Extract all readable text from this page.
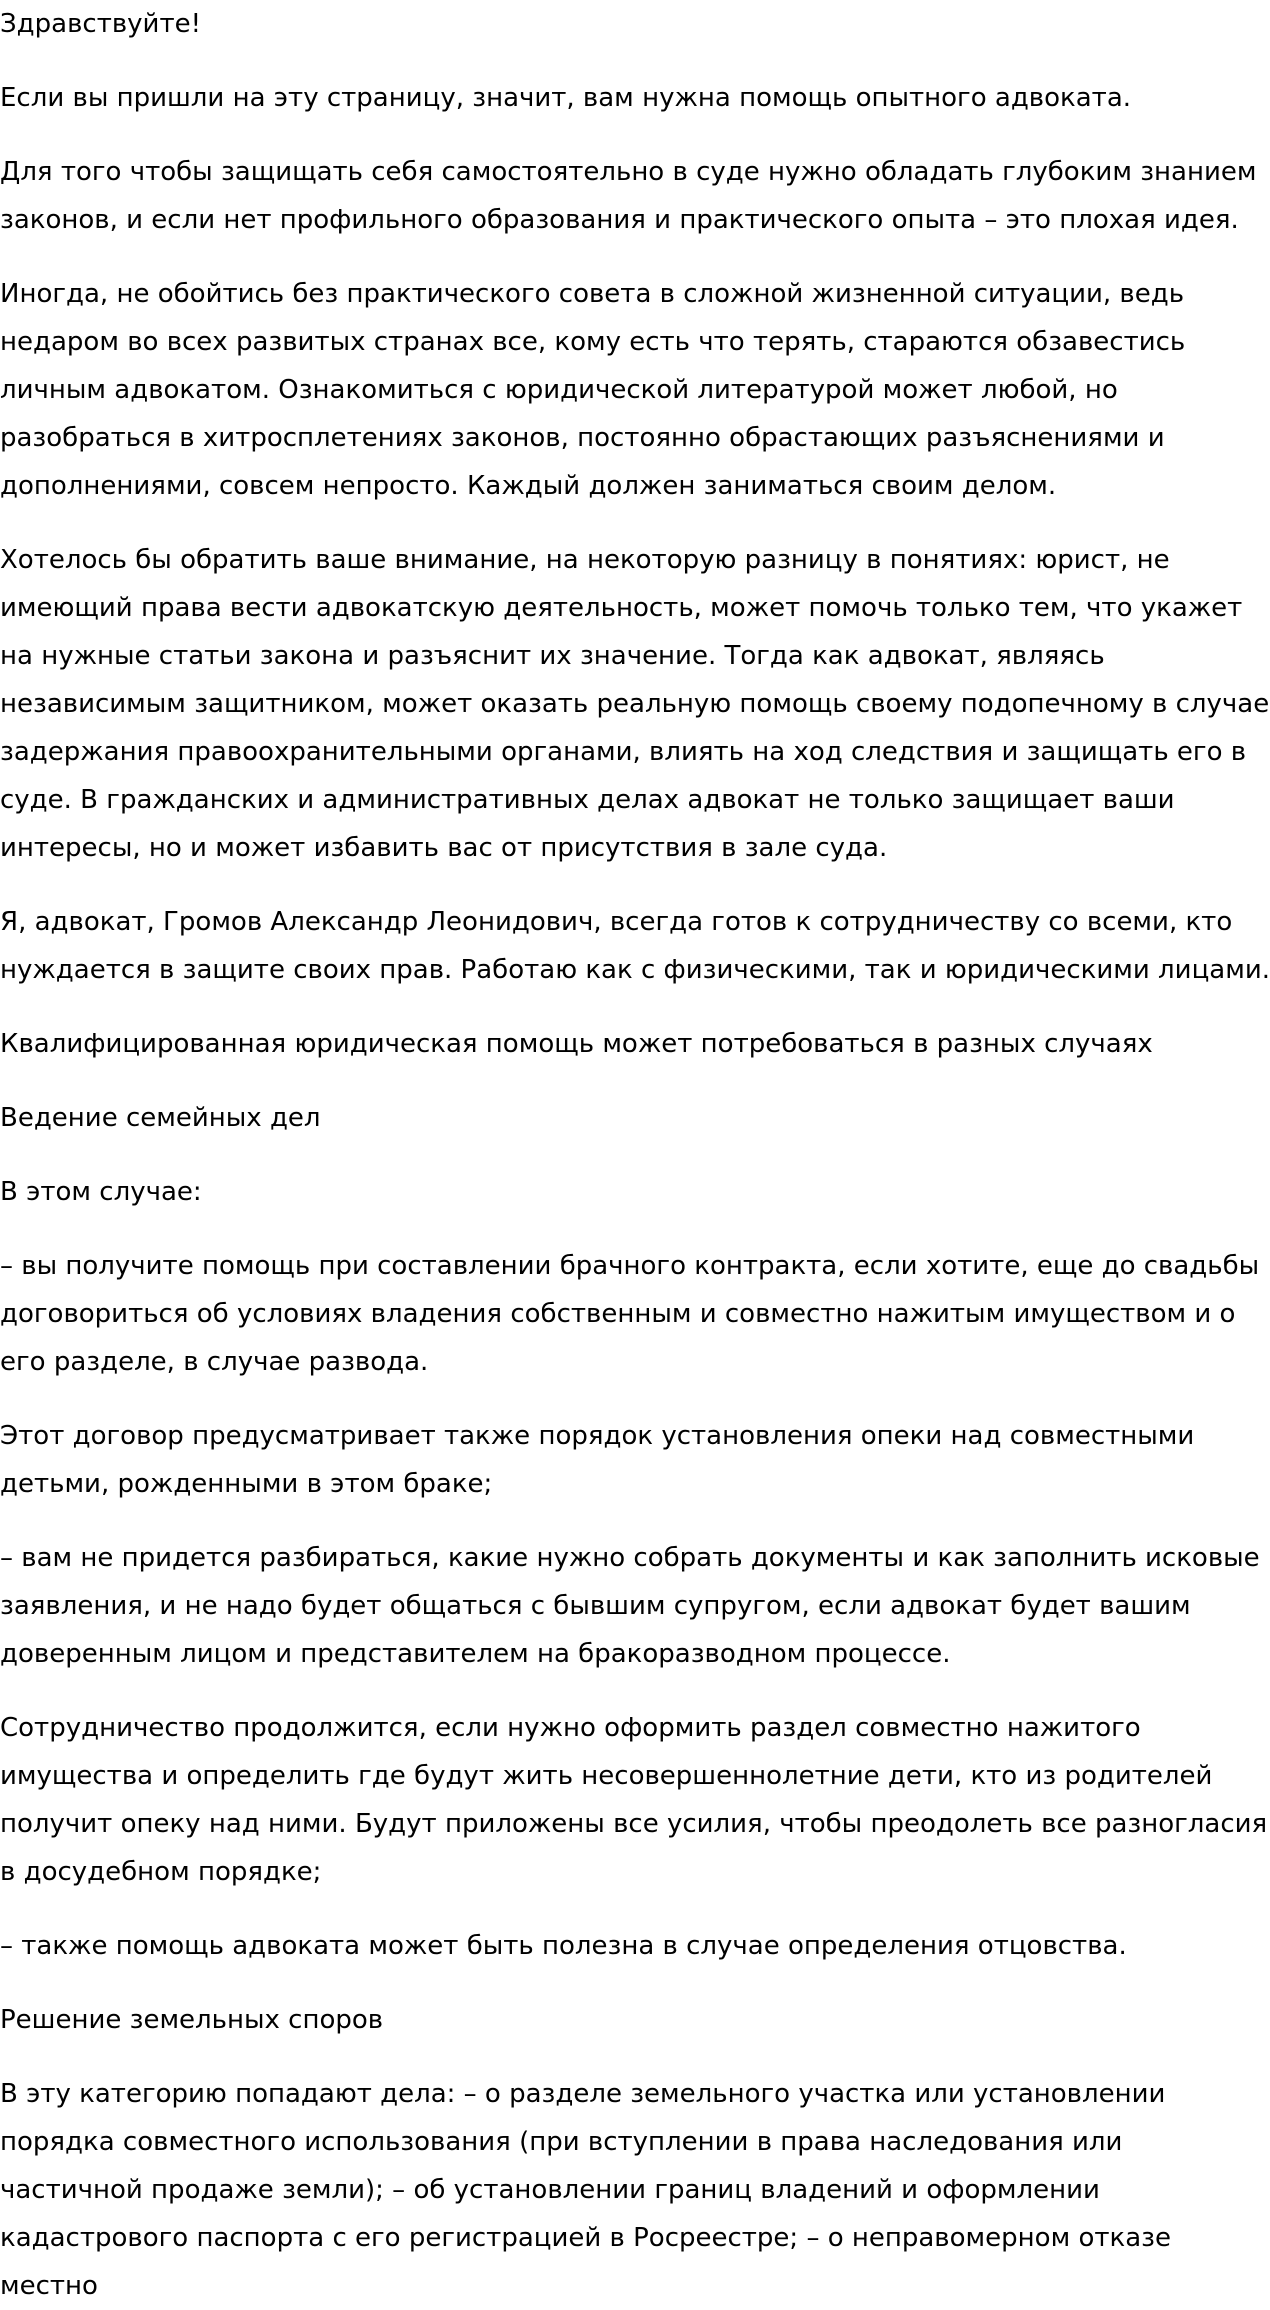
Здравствуйте!

Если вы пришли на эту страницу, значит, вам нужна помощь опытного адвоката.

Для того чтобы защищать себя самостоятельно в суде нужно обладать глубоким знанием законов, и если нет профильного образования и практического опыта – это плохая идея.

Иногда, не обойтись без практического совета в сложной жизненной ситуации, ведь недаром во всех развитых странах все, кому есть что терять, стараются обзавестись личным адвокатом. Ознакомиться с юридической литературой может любой, но разобраться в хитросплетениях законов, постоянно обрастающих разъяснениями и дополнениями, совсем непросто. Каждый должен заниматься своим делом.

Хотелось бы обратить ваше внимание, на некоторую разницу в понятиях: юрист, не имеющий права вести адвокатскую деятельность, может помочь только тем, что укажет на нужные статьи закона и разъяснит их значение. Тогда как адвокат, являясь независимым защитником, может оказать реальную помощь своему подопечному в случае задержания правоохранительными органами, влиять на ход следствия и защищать его в суде. В гражданских и административных делах адвокат не только защищает ваши интересы, но и может избавить вас от присутствия в зале суда.

Я, адвокат, Громов Александр Леонидович, всегда готов к сотрудничеству со всеми, кто нуждается в защите своих прав. Работаю как с физическими, так и юридическими лицами.

Квалифицированная юридическая помощь может потребоваться в разных случаях

Ведение семейных дел

В этом случае:

– вы получите помощь при составлении брачного контракта, если хотите, еще до свадьбы договориться об условиях владения собственным и совместно нажитым имуществом и о его разделе, в случае развода.

Этот договор предусматривает также порядок установления опеки над совместными детьми, рожденными в этом браке;

– вам не придется разбираться, какие нужно собрать документы и как заполнить исковые заявления, и не надо будет общаться с бывшим супругом, если адвокат будет вашим доверенным лицом и представителем на бракоразводном процессе.

Сотрудничество продолжится, если нужно оформить раздел совместно нажитого имущества и определить где будут жить несовершеннолетние дети, кто из родителей получит опеку над ними. Будут приложены все усилия, чтобы преодолеть все разногласия в досудебном порядке;

– также помощь адвоката может быть полезна в случае определения отцовства.

Решение земельных споров

В эту категорию попадают дела: – о разделе земельного участка или установлении порядка совместного использования (при вступлении в права наследования или частичной продаже земли); – об установлении границ владений и оформлении кадастрового паспорта с его регистрацией в Росреестре; – о неправомерном отказе местно
